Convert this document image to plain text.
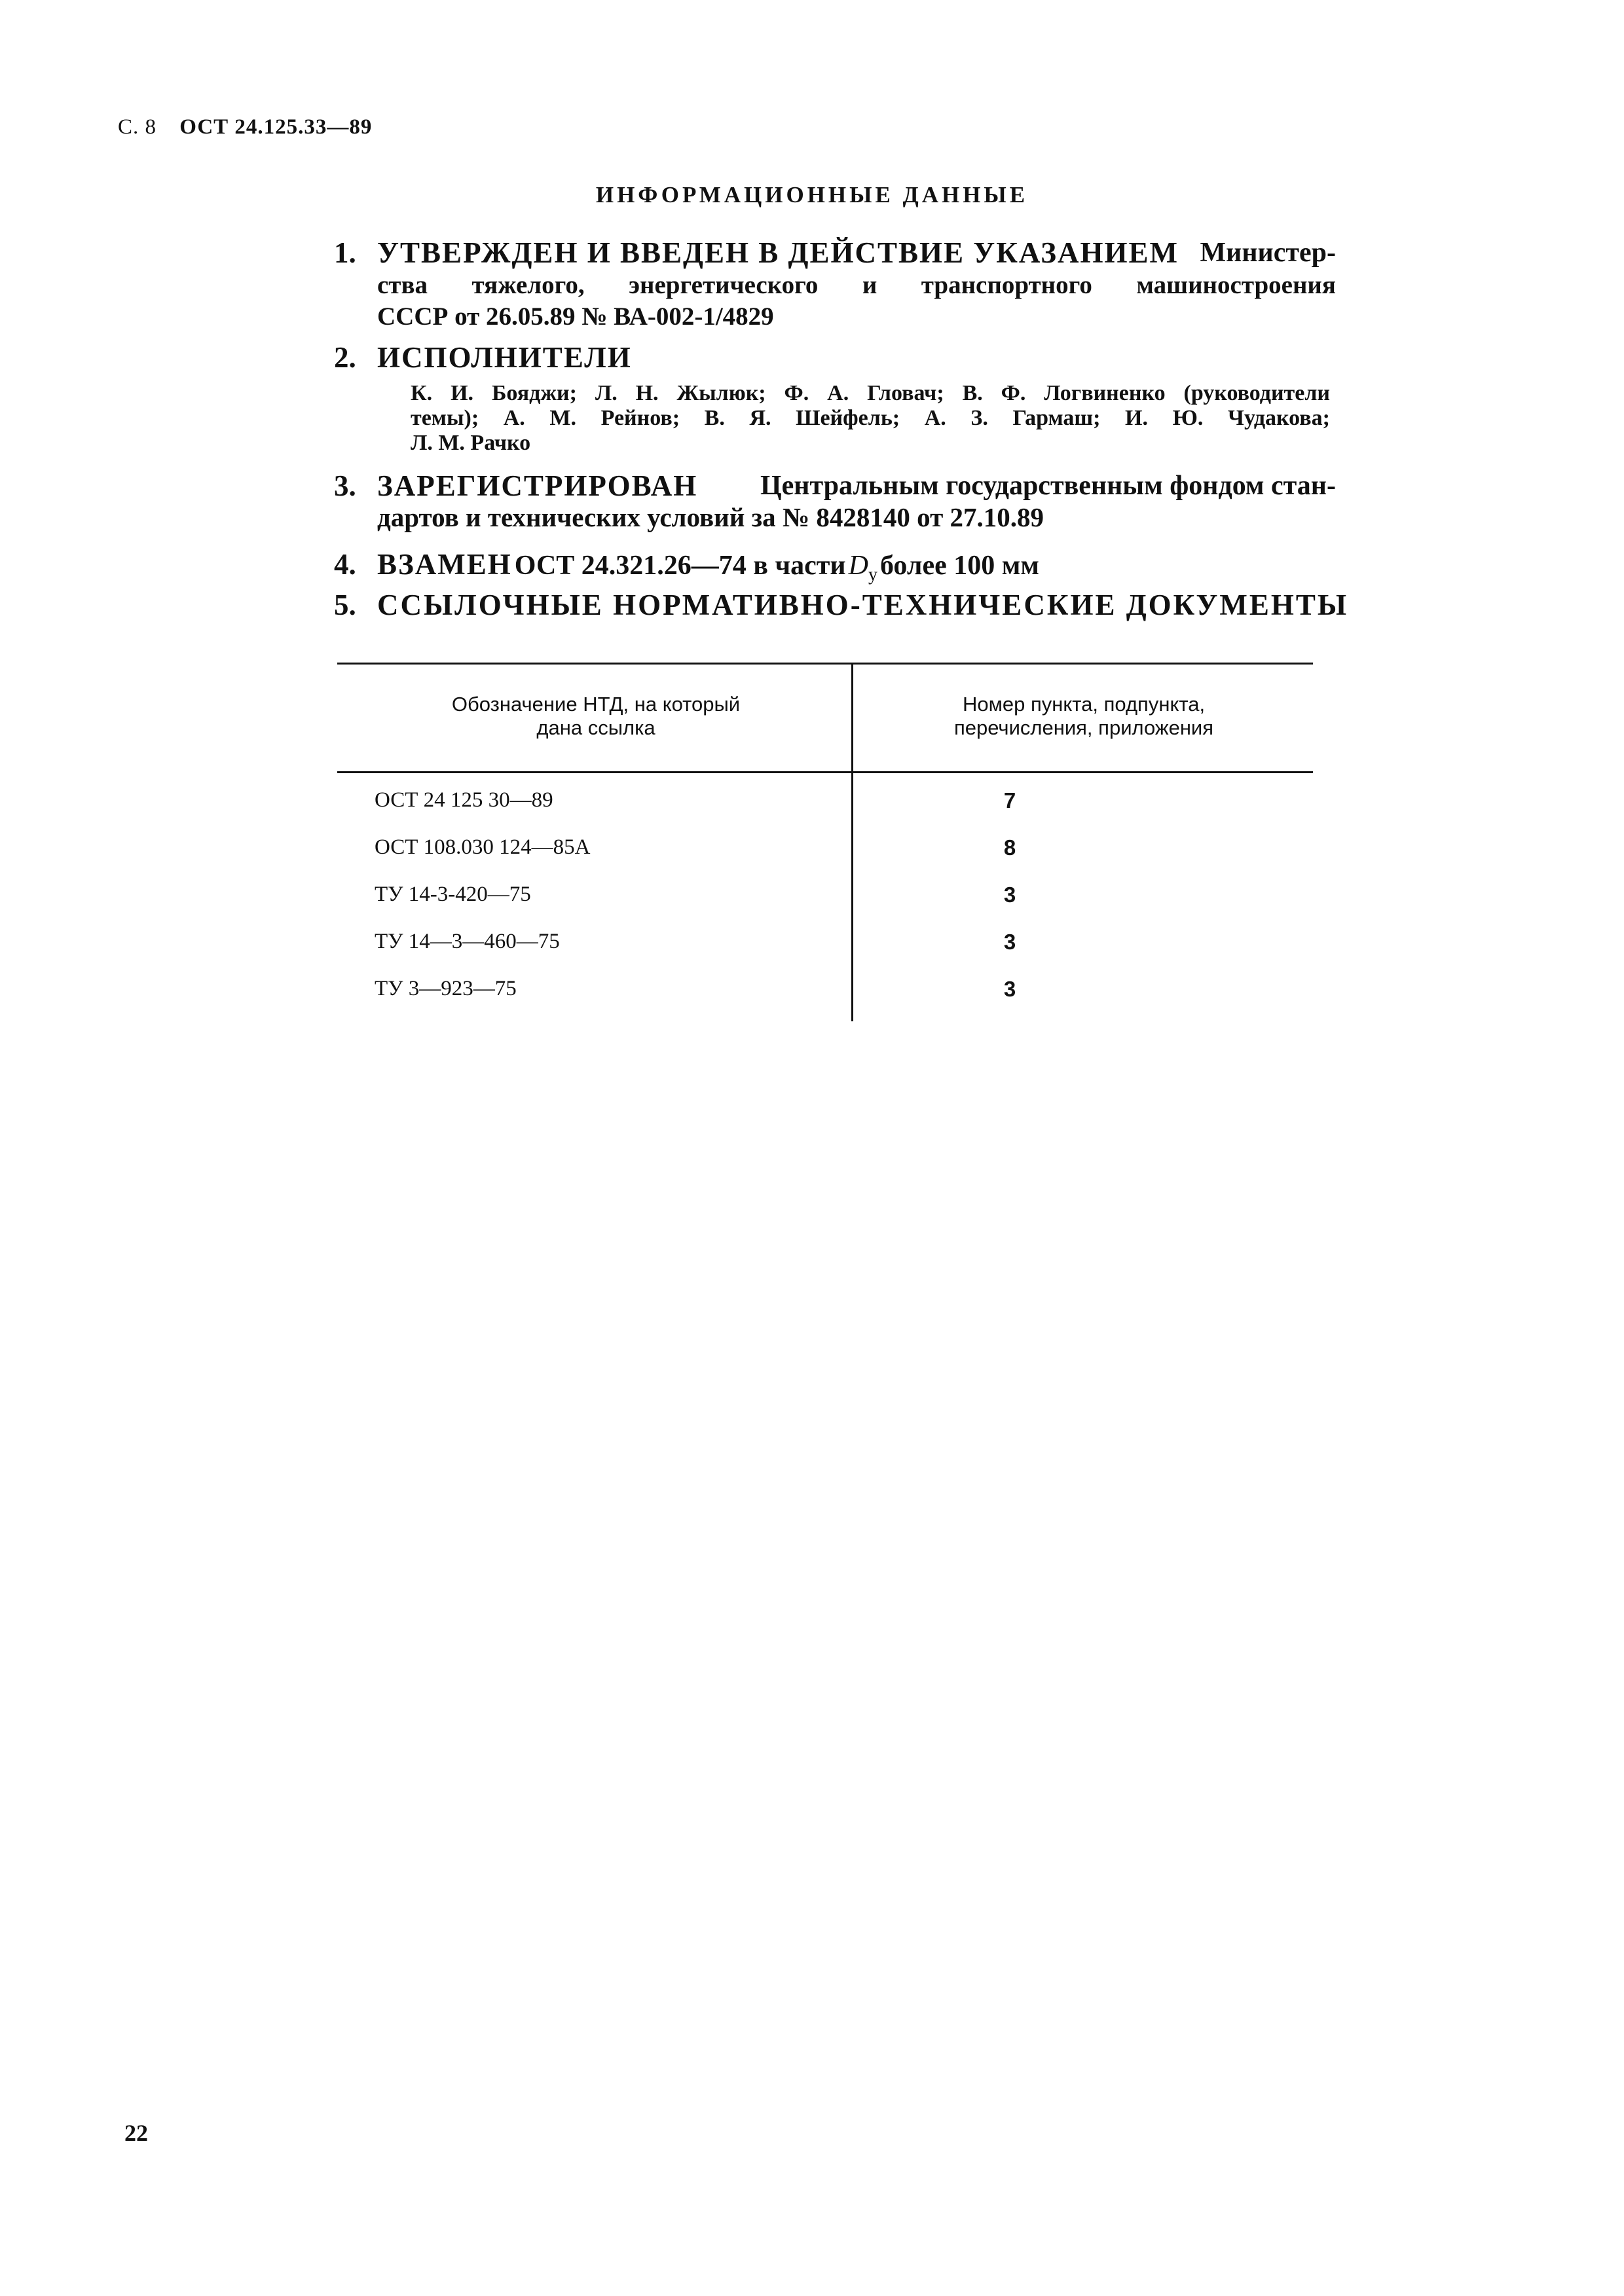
С. 8 ОСТ 24.125.33—89
ИНФОРМАЦИОННЫЕ ДАННЫЕ
1. УТВЕРЖДЕН И ВВЕДЕН В ДЕЙСТВИЕ УКАЗАНИЕМ Министер-
ства тяжелого, энергетического и транспортного машиностроения
СССР от 26.05.89 № ВА-002-1/4829
2. ИСПОЛНИТЕЛИ
К. И. Бояджи; Л. Н. Жылюк; Ф. А. Гловач; В. Ф. Логвиненко (руководители
темы); А. М. Рейнов; В. Я. Шейфель; А. З. Гармаш; И. Ю. Чудакова;
Л. М. Рачко
3. ЗАРЕГИСТРИРОВАН Центральным государственным фондом стан-
дартов и технических условий за № 8428140 от 27.10.89
4. ВЗАМЕН ОСТ 24.321.26—74 в части $D_у$ более 100 мм
5. ССЫЛОЧНЫЕ НОРМАТИВНО-ТЕХНИЧЕСКИЕ ДОКУМЕНТЫ
Обозначение НТД, на который
дана ссылка
Номер пункта, подпункта,
перечисления, приложения
ОСТ 24 125 30—89	7
ОСТ 108.030 124—85А	8
ТУ 14-3-420—75	3
ТУ 14—3—460—75	3
ТУ 3—923—75	3
22
